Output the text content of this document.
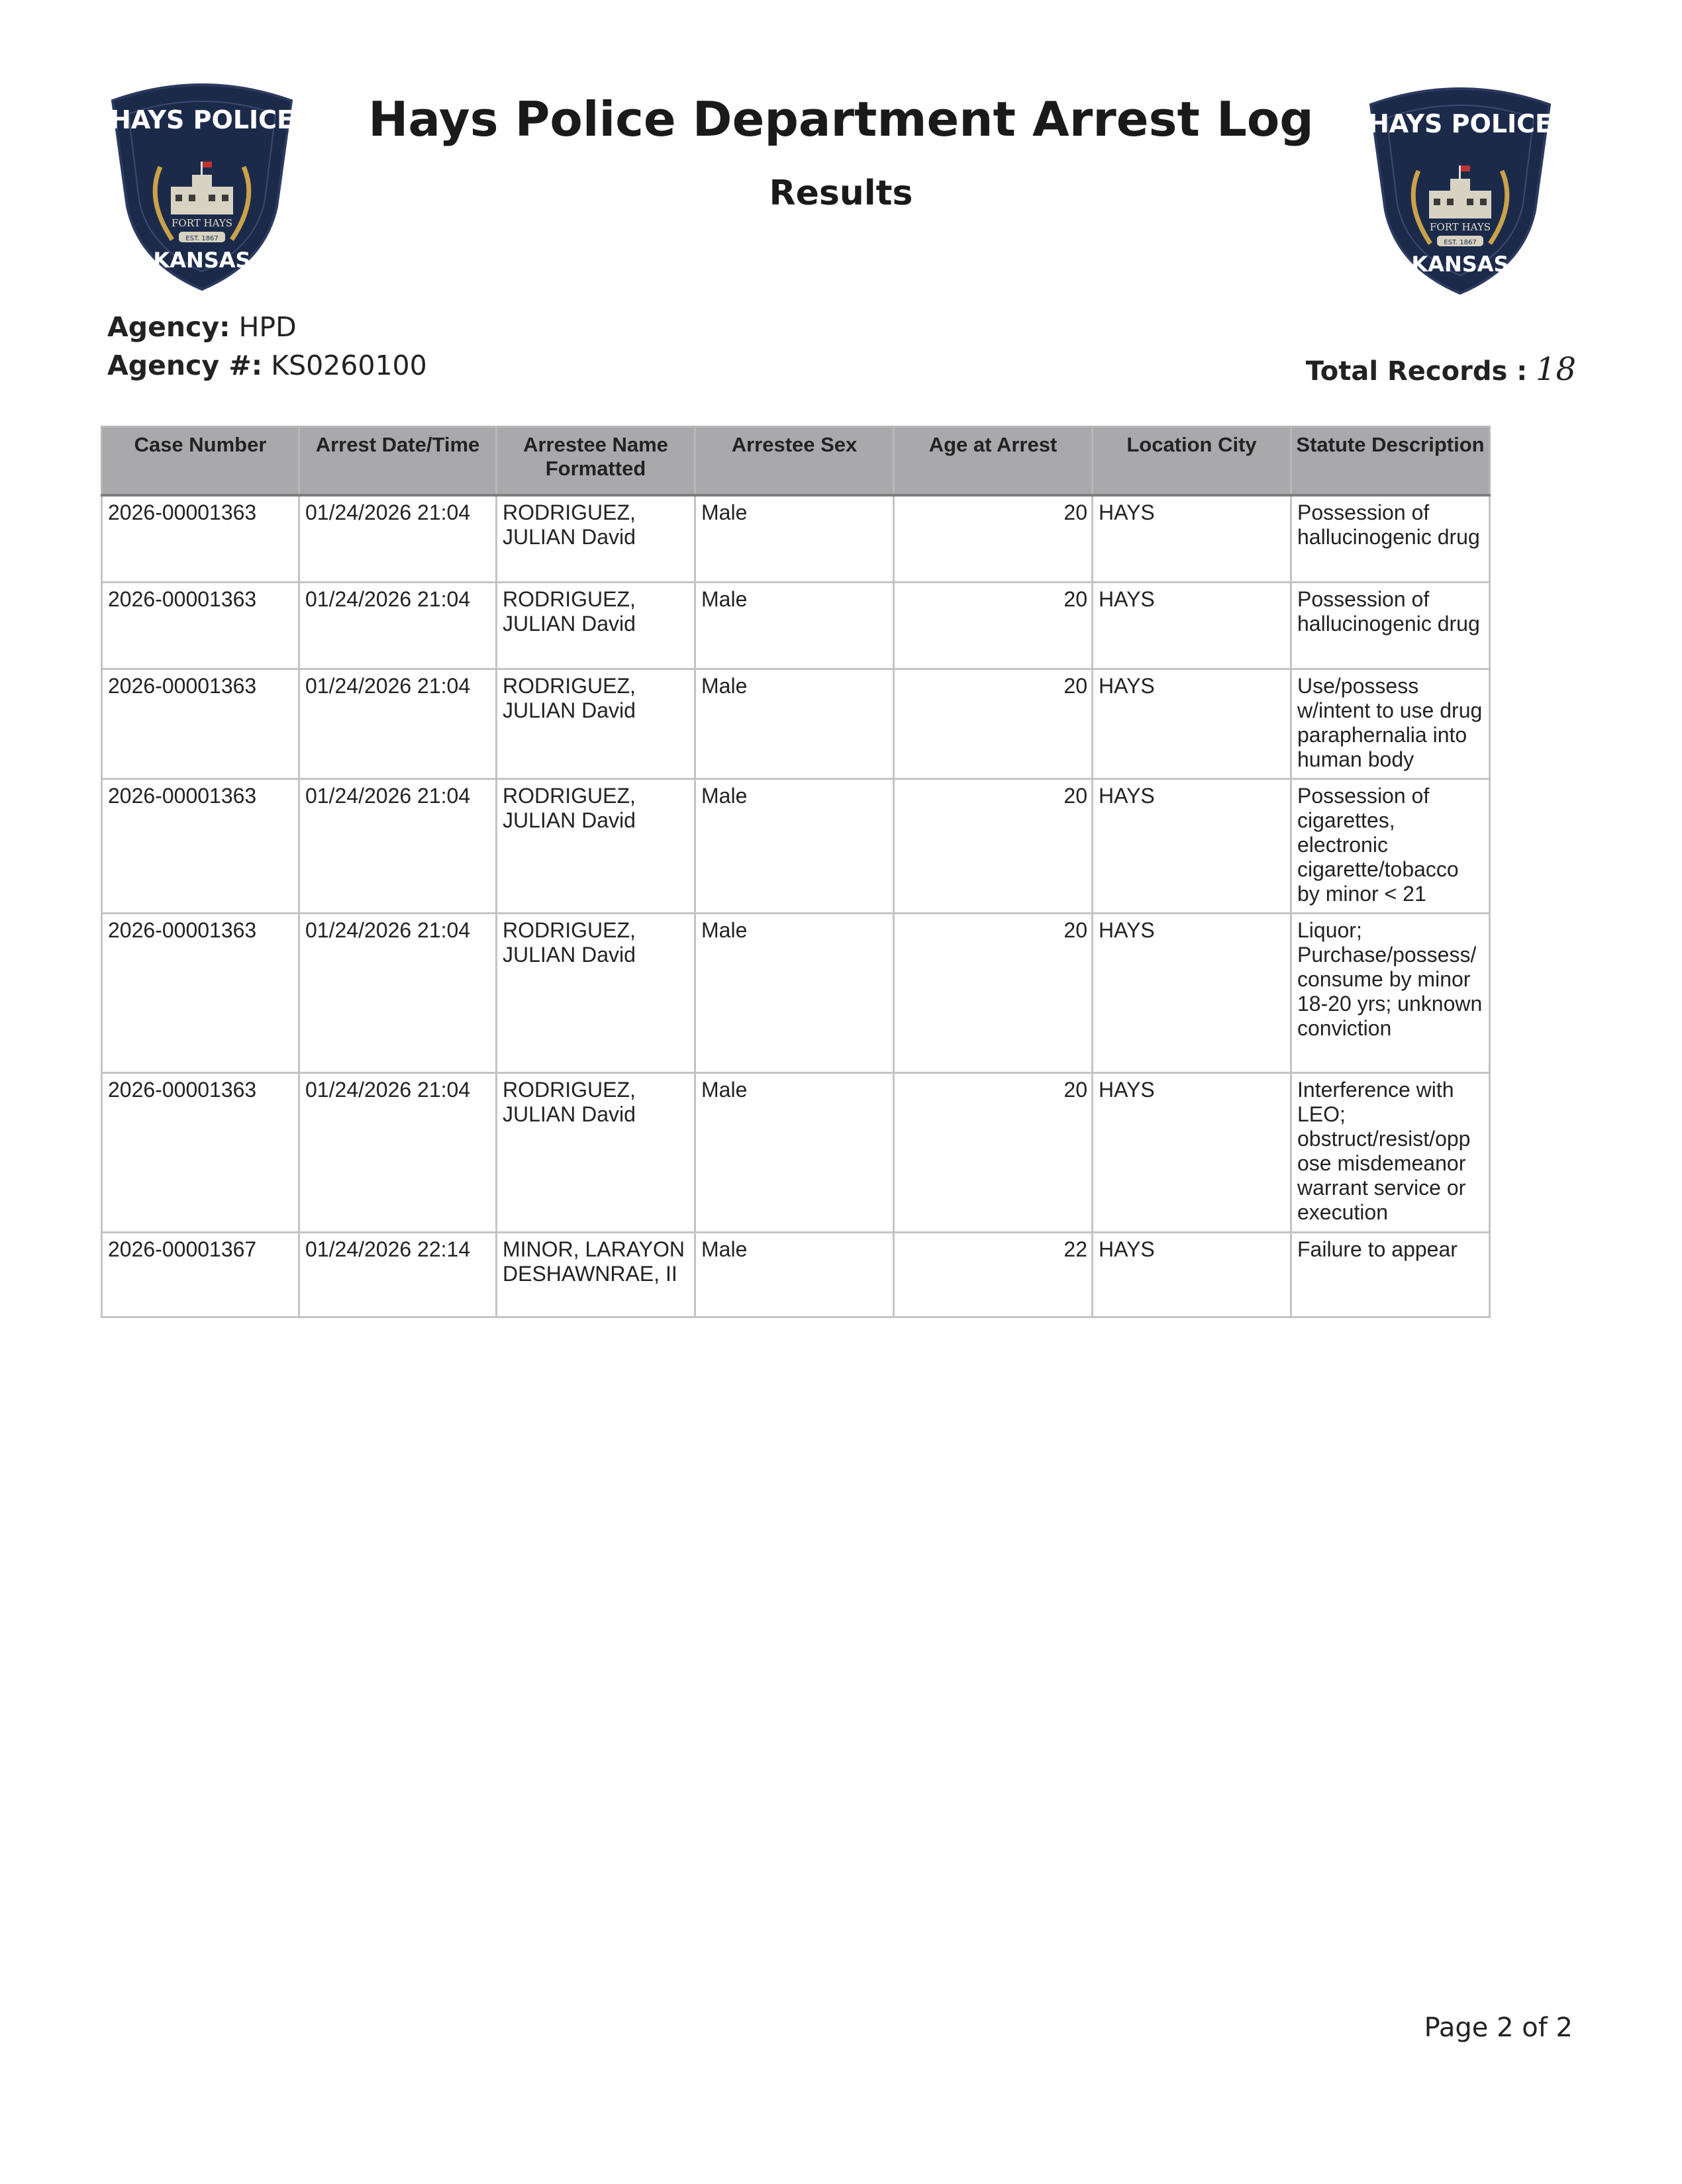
HAYS POLICE
FORT HAYS
EST. 1867
KANSAS
HAYS POLICE
FORT HAYS
EST. 1867
KANSAS
Hays Police Department Arrest Log
Results
Agency: HPD
Agency #: KS0260100	Total Records : 18
Case Number	Arrest Date/Time	Arrestee Name Formatted	Arrestee Sex	Age at Arrest	Location City	Statute Description
2026-00001363	01/24/2026 21:04	RODRIGUEZ, JULIAN David	Male	20	HAYS	Possession of hallucinogenic drug
2026-00001363	01/24/2026 21:04	RODRIGUEZ, JULIAN David	Male	20	HAYS	Possession of hallucinogenic drug
2026-00001363	01/24/2026 21:04	RODRIGUEZ, JULIAN David	Male	20	HAYS	Use/possess w/intent to use drug paraphernalia into human body
2026-00001363	01/24/2026 21:04	RODRIGUEZ, JULIAN David	Male	20	HAYS	Possession of cigarettes, electronic cigarette/tobacco by minor < 21
2026-00001363	01/24/2026 21:04	RODRIGUEZ, JULIAN David	Male	20	HAYS	Liquor; Purchase/possess/ consume by minor 18-20 yrs; unknown conviction
2026-00001363	01/24/2026 21:04	RODRIGUEZ, JULIAN David	Male	20	HAYS	Interference with LEO; obstruct/resist/opp ose misdemeanor warrant service or execution
2026-00001367	01/24/2026 22:14	MINOR, LARAYON DESHAWNRAE, II	Male	22	HAYS	Failure to appear
Page 2 of 2
